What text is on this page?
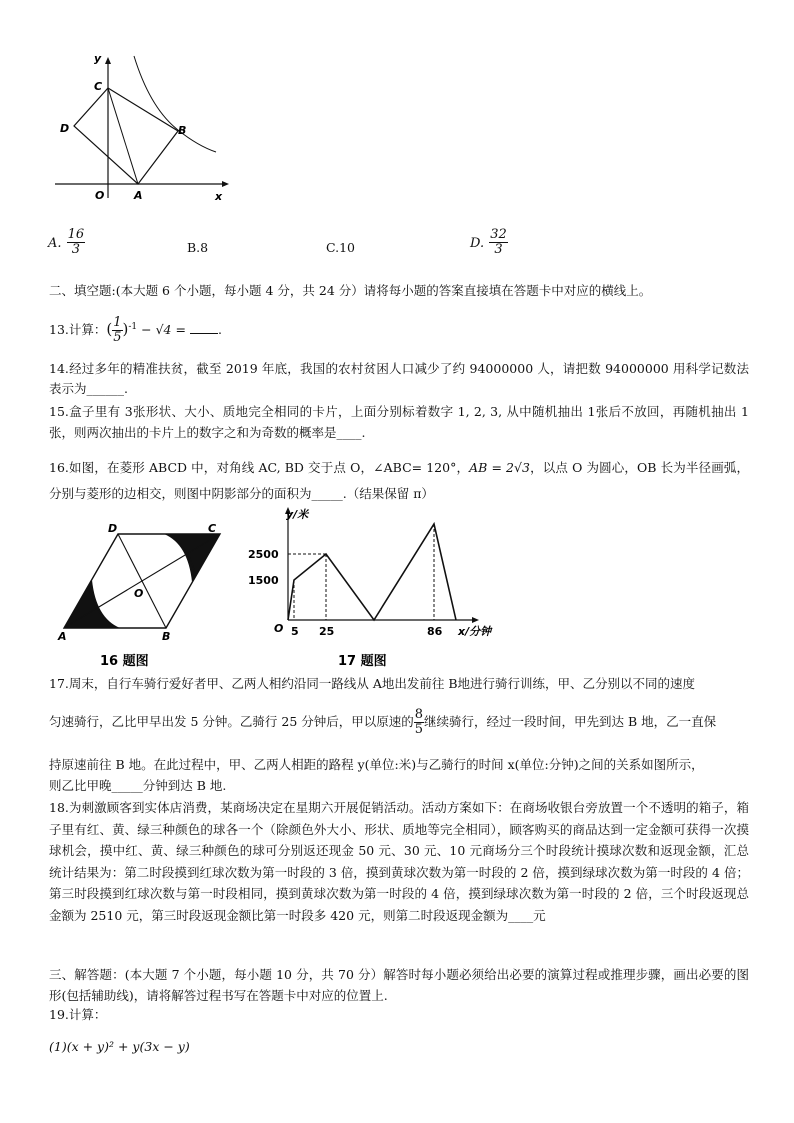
y
C
D	B
A
O	x
A. $\frac{16}{3}$	B.8	C.10	D. $\frac{32}{3}$
二、填空题:(本大题 6 个小题，每小题 4 分，共 24 分）请将每小题的答案直接填在答题卡中对应的横线上。
13.计算：( $\frac{1}{5} )^{-1} - √4$ = .
14.经过多年的精准扶贫，截至 2019 年底，我国的农村贫困人口减少了约 94000000 人，请把数 94000000 用科学记数法表示为______.
15.盒子里有 3张形状、大小、质地完全相同的卡片，上面分别标着数字 1, 2, 3, 从中随机抽出 1张后不放回，再随机抽出 1张，则两次抽出的卡片上的数字之和为奇数的概率是____.
16.如图，在菱形 ABCD 中，对角线 AC, BD 交于点 O，∠ABC= 120°，AB = 2√3，以点 O 为圆心，OB 长为半径画弧，分别与菱形的边相交，则图中阴影部分的面积为_____.（结果保留 π）
D	C
O
A	B
16 题图
1500
2500
5 25	86
y/米
x/分钟
O
17 题图
17.周末，自行车骑行爱好者甲、乙两人相约沿同一路线从 A地出发前往 B地进行骑行训练，甲、乙分别以不同的速度
匀速骑行，乙比甲早出发 5 分钟。乙骑行 25 分钟后，甲以原速的 $\frac{8}{5}$ 继续骑行，经过一段时间，甲先到达 B 地，乙一直保
持原速前往 B 地。在此过程中，甲、乙两人相距的路程 y(单位:米)与乙骑行的时间 x(单位:分钟)之间的关系如图所示，
则乙比甲晚_____分钟到达 B 地.
18.为刺激顾客到实体店消费，某商场决定在星期六开展促销活动。活动方案如下：在商场收银台旁放置一个不透明的箱子，箱子里有红、黄、绿三种颜色的球各一个（除颜色外大小、形状、质地等完全相同），顾客购买的商品达到一定金额可获得一次摸球机会，摸中红、黄、绿三种颜色的球可分别返还现金 50 元、30 元、10 元商场分三个时段统计摸球次数和返现金额，汇总统计结果为：第二时段摸到红球次数为第一时段的 3 倍，摸到黄球次数为第一时段的 2 倍，摸到绿球次数为第一时段的 4 倍；第三时段摸到红球次数与第一时段相同，摸到黄球次数为第一时段的 4 倍，摸到绿球次数为第一时段的 2 倍，三个时段返现总金额为 2510 元，第三时段返现金额比第一时段多 420 元，则第二时段返现金额为____元
三、解答题：(本大题 7 个小题，每小题 10 分，共 70 分）解答时每小题必须给出必要的演算过程或推理步骤，画出必要的图形(包括辅助线)，请将解答过程书写在答题卡中对应的位置上.
19.计算：
(1)(x + y)² + y(3x − y)
